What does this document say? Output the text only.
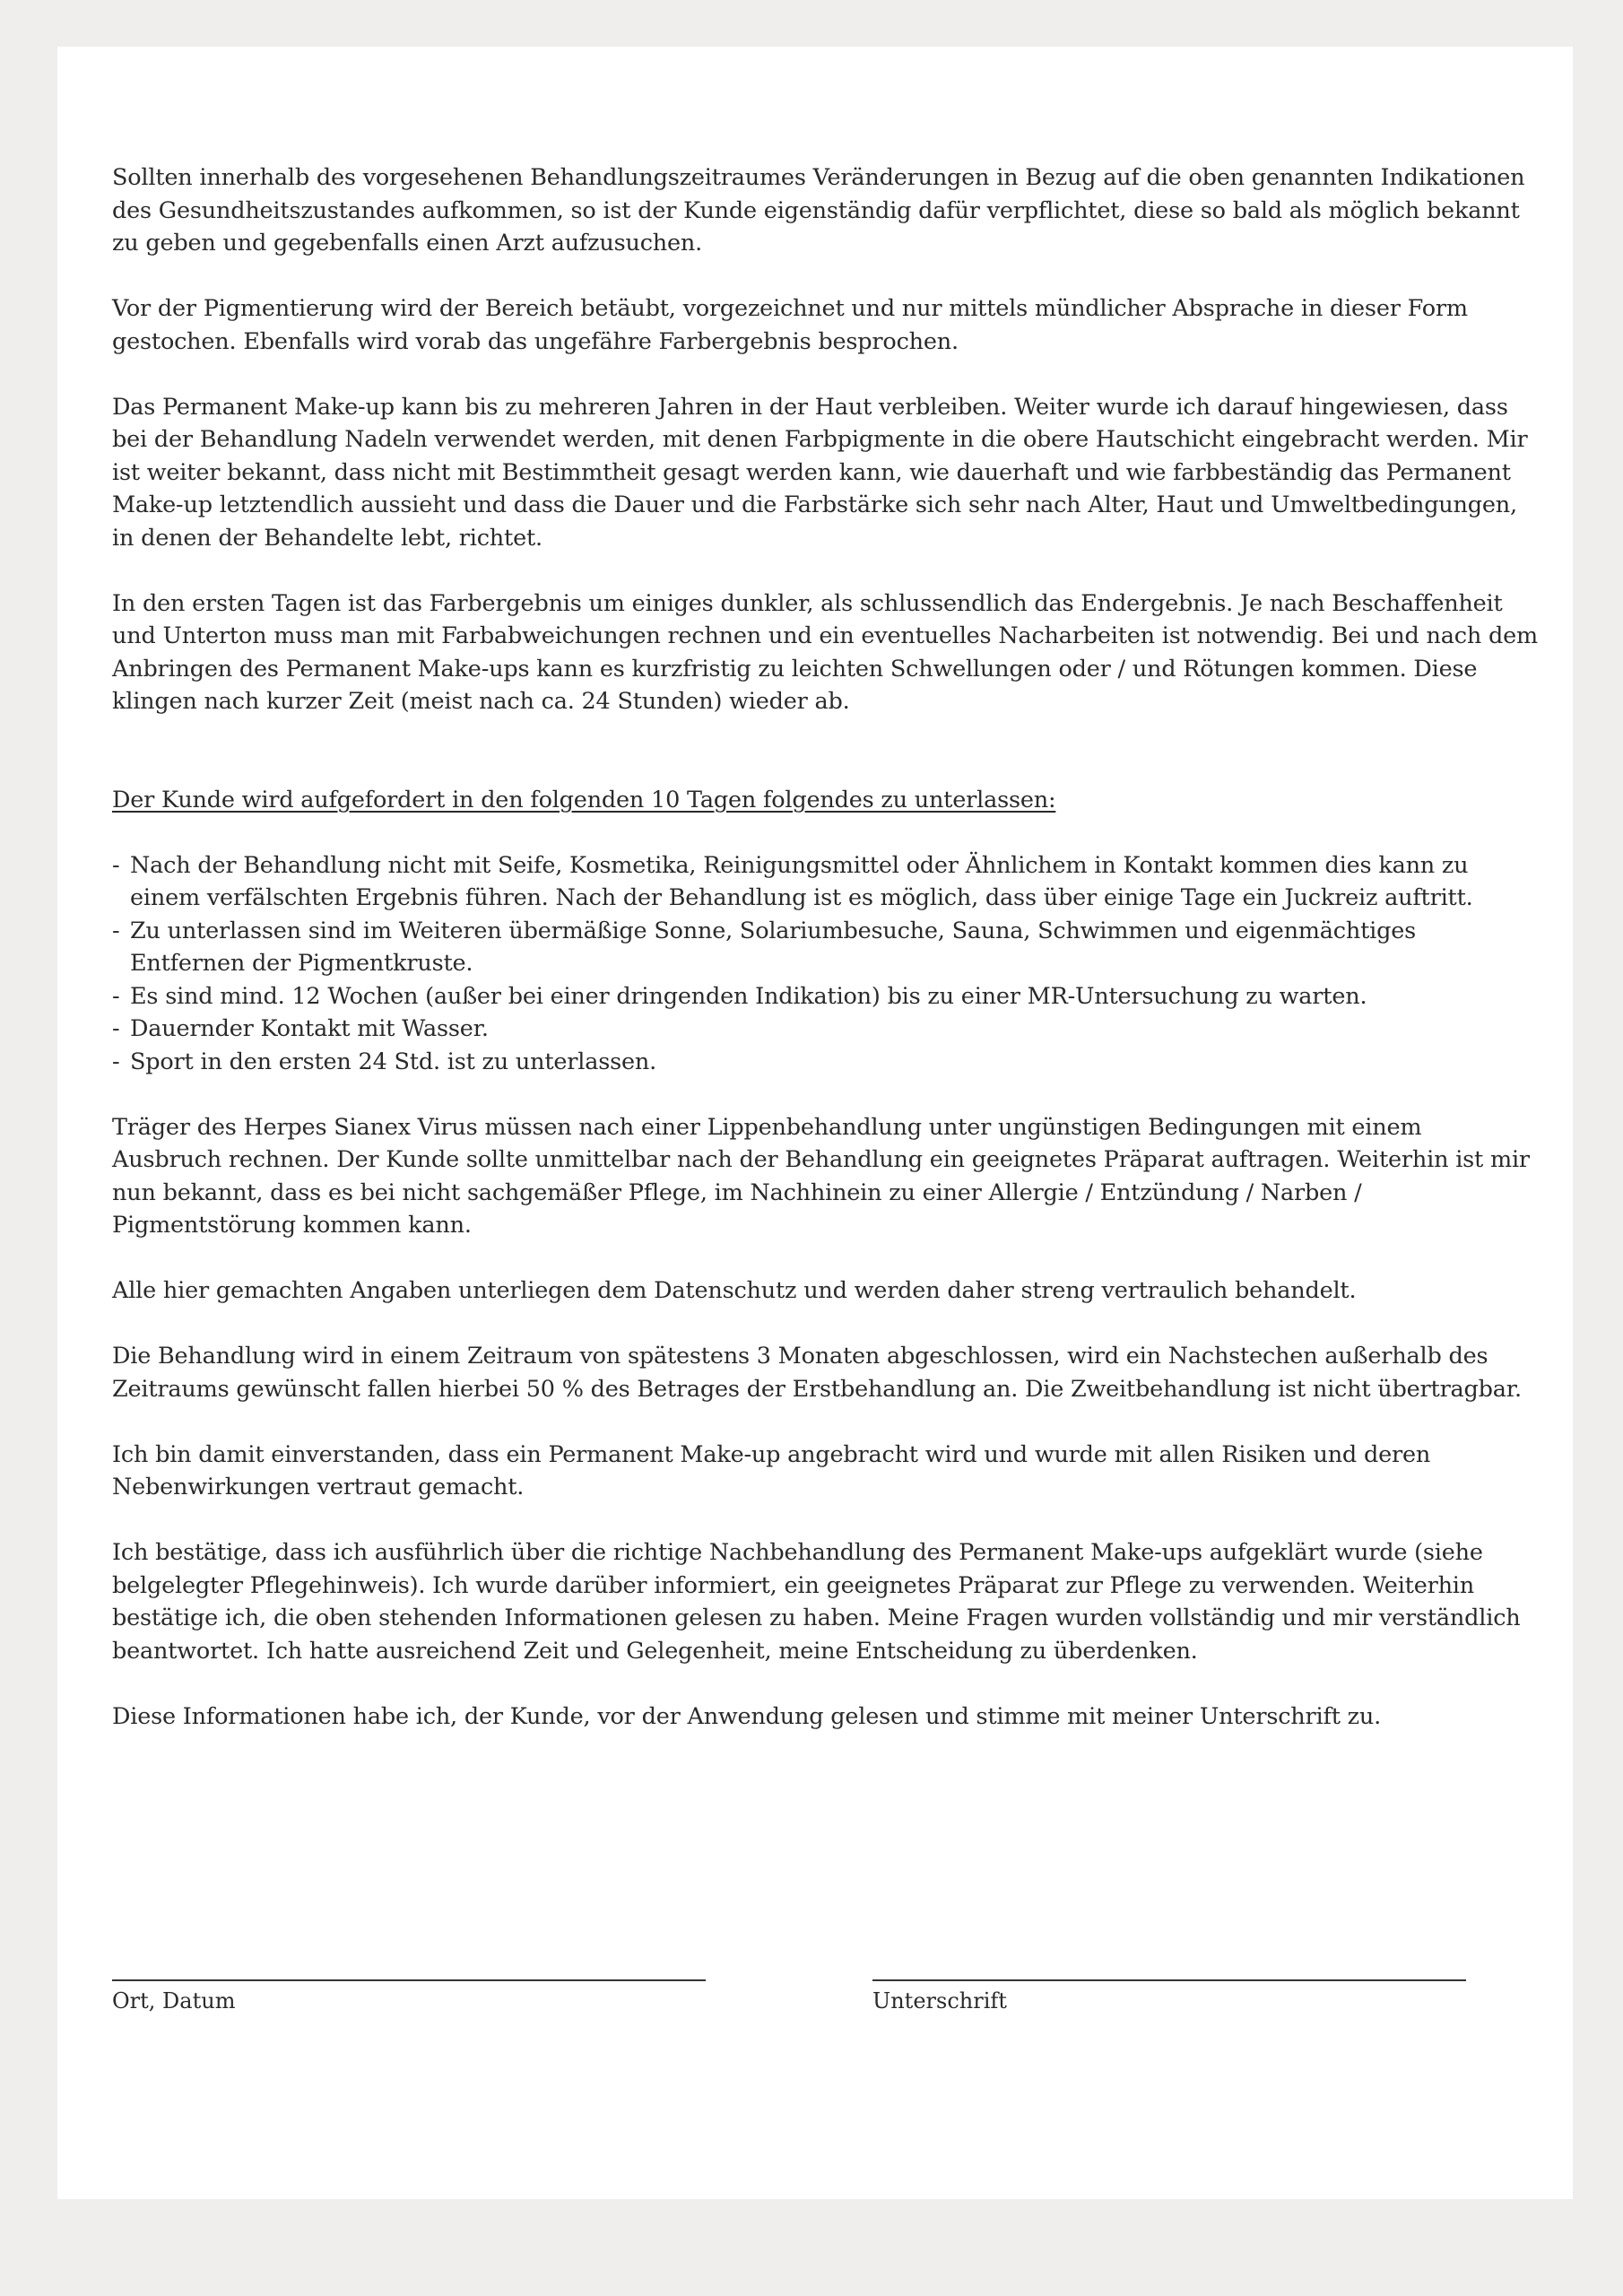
Sollten innerhalb des vorgesehenen Behandlungszeitraumes Veränderungen in Bezug auf die oben genannten Indikationen des Gesundheitszustandes aufkommen, so ist der Kunde eigenständig dafür verpflichtet, diese so bald als möglich bekannt zu geben und gegebenfalls einen Arzt aufzusuchen.

Vor der Pigmentierung wird der Bereich betäubt, vorgezeichnet und nur mittels mündlicher Absprache in dieser Form gestochen. Ebenfalls wird vorab das ungefähre Farbergebnis besprochen.

Das Permanent Make-up kann bis zu mehreren Jahren in der Haut verbleiben. Weiter wurde ich darauf hingewiesen, dass bei der Behandlung Nadeln verwendet werden, mit denen Farbpigmente in die obere Hautschicht eingebracht werden. Mir ist weiter bekannt, dass nicht mit Bestimmtheit gesagt werden kann, wie dauerhaft und wie farbbeständig das Permanent Make-up letztendlich aussieht und dass die Dauer und die Farbstärke sich sehr nach Alter, Haut und Umweltbedingungen, in denen der Behandelte lebt, richtet.

In den ersten Tagen ist das Farbergebnis um einiges dunkler, als schlussendlich das Endergebnis. Je nach Beschaffenheit und Unterton muss man mit Farbabweichungen rechnen und ein eventuelles Nacharbeiten ist notwendig. Bei und nach dem Anbringen des Permanent Make-ups kann es kurzfristig zu leichten Schwellungen oder / und Rötungen kommen. Diese klingen nach kurzer Zeit (meist nach ca. 24 Stunden) wieder ab.

Der Kunde wird aufgefordert in den folgenden 10 Tagen folgendes zu unterlassen:

- Nach der Behandlung nicht mit Seife, Kosmetika, Reinigungsmittel oder Ähnlichem in Kontakt kommen dies kann zu einem verfälschten Ergebnis führen. Nach der Behandlung ist es möglich, dass über einige Tage ein Juckreiz auftritt.
- Zu unterlassen sind im Weiteren übermäßige Sonne, Solariumbesuche, Sauna, Schwimmen und eigenmächtiges Entfernen der Pigmentkruste.
- Es sind mind. 12 Wochen (außer bei einer dringenden Indikation) bis zu einer MR-Untersuchung zu warten.
- Dauernder Kontakt mit Wasser.
- Sport in den ersten 24 Std. ist zu unterlassen.

Träger des Herpes Sianex Virus müssen nach einer Lippenbehandlung unter ungünstigen Bedingungen mit einem Ausbruch rechnen. Der Kunde sollte unmittelbar nach der Behandlung ein geeignetes Präparat auftragen. Weiterhin ist mir nun bekannt, dass es bei nicht sachgemäßer Pflege, im Nachhinein zu einer Allergie / Entzündung / Narben / Pigmentstörung kommen kann.

Alle hier gemachten Angaben unterliegen dem Datenschutz und werden daher streng vertraulich behandelt.

Die Behandlung wird in einem Zeitraum von spätestens 3 Monaten abgeschlossen, wird ein Nachstechen außerhalb des Zeitraums gewünscht fallen hierbei 50 % des Betrages der Erstbehandlung an. Die Zweitbehandlung ist nicht übertragbar.

Ich bin damit einverstanden, dass ein Permanent Make-up angebracht wird und wurde mit allen Risiken und deren Nebenwirkungen vertraut gemacht.

Ich bestätige, dass ich ausführlich über die richtige Nachbehandlung des Permanent Make-ups aufgeklärt wurde (siehe belgelegter Pflegehinweis). Ich wurde darüber informiert, ein geeignetes Präparat zur Pflege zu verwenden. Weiterhin bestätige ich, die oben stehenden Informationen gelesen zu haben. Meine Fragen wurden vollständig und mir verständlich beantwortet. Ich hatte ausreichend Zeit und Gelegenheit, meine Entscheidung zu überdenken.

Diese Informationen habe ich, der Kunde, vor der Anwendung gelesen und stimme mit meiner Unterschrift zu.

Ort, Datum	Unterschrift
